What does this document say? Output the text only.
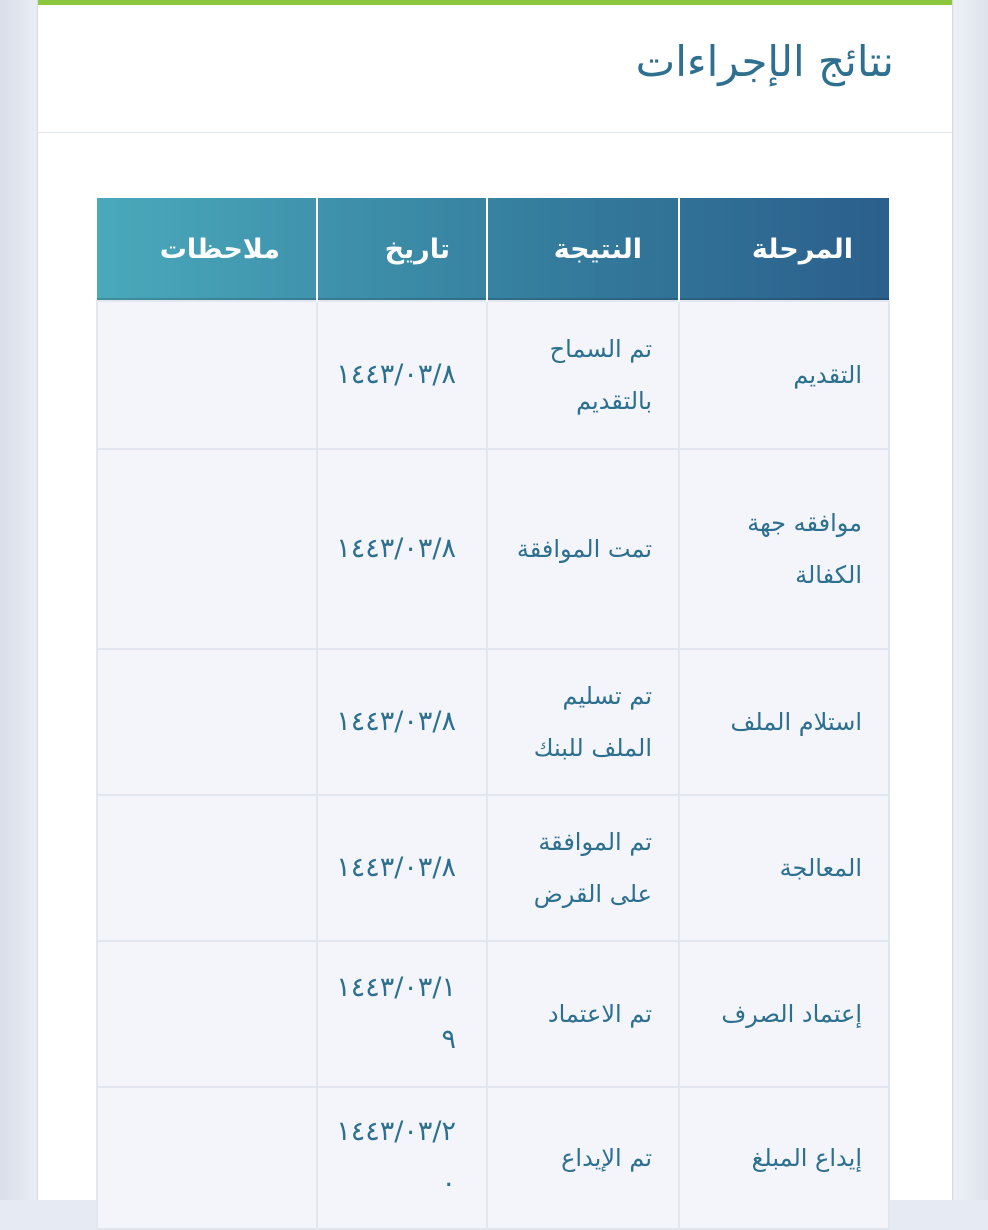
نتائج الإجراءات
المرحلة	النتيجة	تاريخ	ملاحظات
التقديم	تم السماح بالتقديم	١٤٤٣/٠٣/٨	
موافقه جهة الكفالة	تمت الموافقة	١٤٤٣/٠٣/٨	
استلام الملف	تم تسليم الملف للبنك	١٤٤٣/٠٣/٨	
المعالجة	تم الموافقة على القرض	١٤٤٣/٠٣/٨	
إعتماد الصرف	تم الاعتماد	١٤٤٣/٠٣/١٩	
إيداع المبلغ	تم الإيداع	١٤٤٣/٠٣/٢٠	
